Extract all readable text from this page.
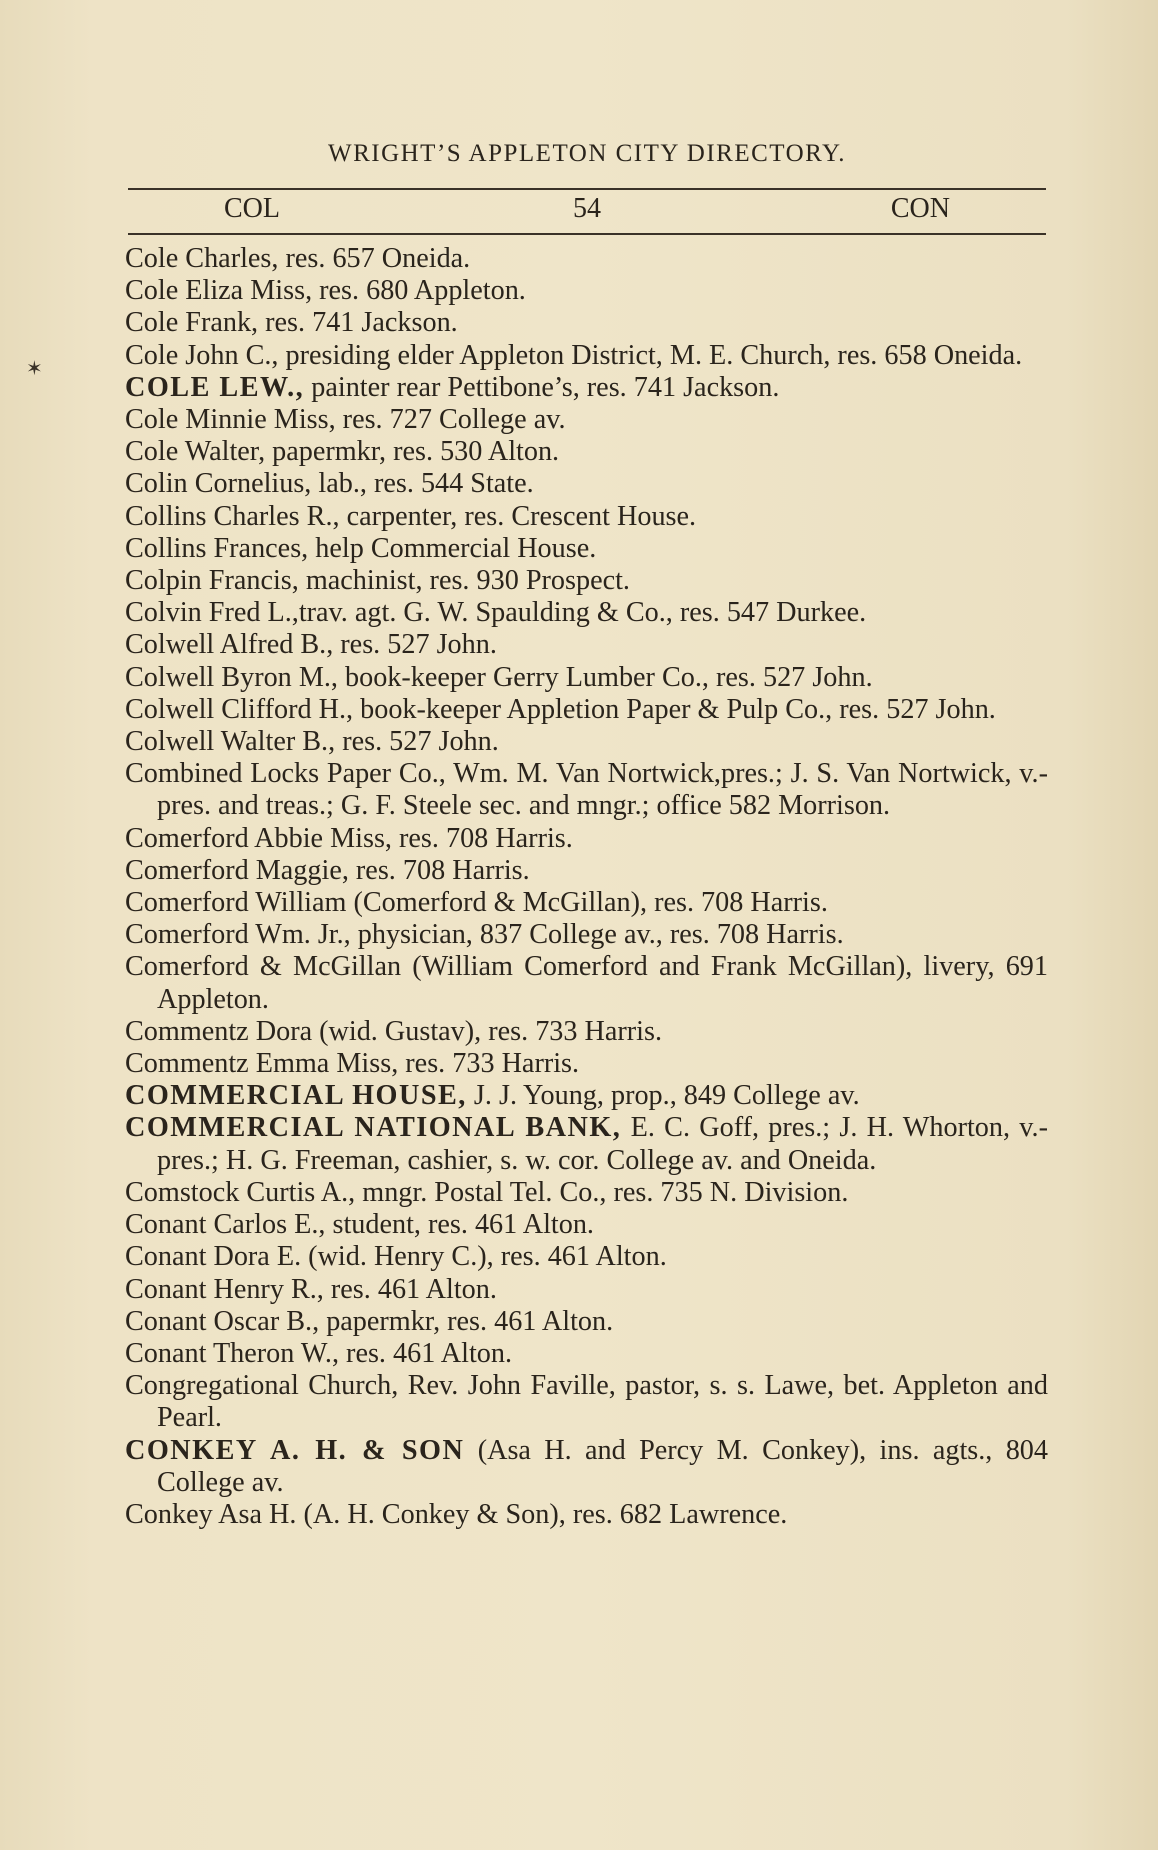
✶
WRIGHT’S APPLETON CITY DIRECTORY.
COL	54	CON

Cole Charles, res. 657 Oneida.

Cole Eliza Miss, res. 680 Appleton.

Cole Frank, res. 741 Jackson.

Cole John C., presiding elder Appleton District, M. E. Church, res. 658 Oneida.

COLE LEW., painter rear Pettibone’s, res. 741 Jackson.

Cole Minnie Miss, res. 727 College av.

Cole Walter, papermkr, res. 530 Alton.

Colin Cornelius, lab., res. 544 State.

Collins Charles R., carpenter, res. Crescent House.

Collins Frances, help Commercial House.

Colpin Francis, machinist, res. 930 Prospect.

Colvin Fred L.,trav. agt. G. W. Spaulding & Co., res. 547 Durkee.

Colwell Alfred B., res. 527 John.

Colwell Byron M., book-keeper Gerry Lumber Co., res. 527 John.

Colwell Clifford H., book-keeper Appletion Paper & Pulp Co., res. 527 John.

Colwell Walter B., res. 527 John.

Combined Locks Paper Co., Wm. M. Van Nortwick,pres.; J. S. Van Nortwick, v.-pres. and treas.; G. F. Steele sec. and mngr.; office 582 Morrison.

Comerford Abbie Miss, res. 708 Harris.

Comerford Maggie, res. 708 Harris.

Comerford William (Comerford & McGillan), res. 708 Harris.

Comerford Wm. Jr., physician, 837 College av., res. 708 Harris.

Comerford & McGillan (William Comerford and Frank McGillan), livery, 691 Appleton.

Commentz Dora (wid. Gustav), res. 733 Harris.

Commentz Emma Miss, res. 733 Harris.

COMMERCIAL HOUSE, J. J. Young, prop., 849 College av.

COMMERCIAL NATIONAL BANK, E. C. Goff, pres.; J. H. Whorton, v.-pres.; H. G. Freeman, cashier, s. w. cor. College av. and Oneida.

Comstock Curtis A., mngr. Postal Tel. Co., res. 735 N. Division.

Conant Carlos E., student, res. 461 Alton.

Conant Dora E. (wid. Henry C.), res. 461 Alton.

Conant Henry R., res. 461 Alton.

Conant Oscar B., papermkr, res. 461 Alton.

Conant Theron W., res. 461 Alton.

Congregational Church, Rev. John Faville, pastor, s. s. Lawe, bet. Appleton and Pearl.

CONKEY A. H. & SON (Asa H. and Percy M. Conkey), ins. agts., 804 College av.

Conkey Asa H. (A. H. Conkey & Son), res. 682 Lawrence.
